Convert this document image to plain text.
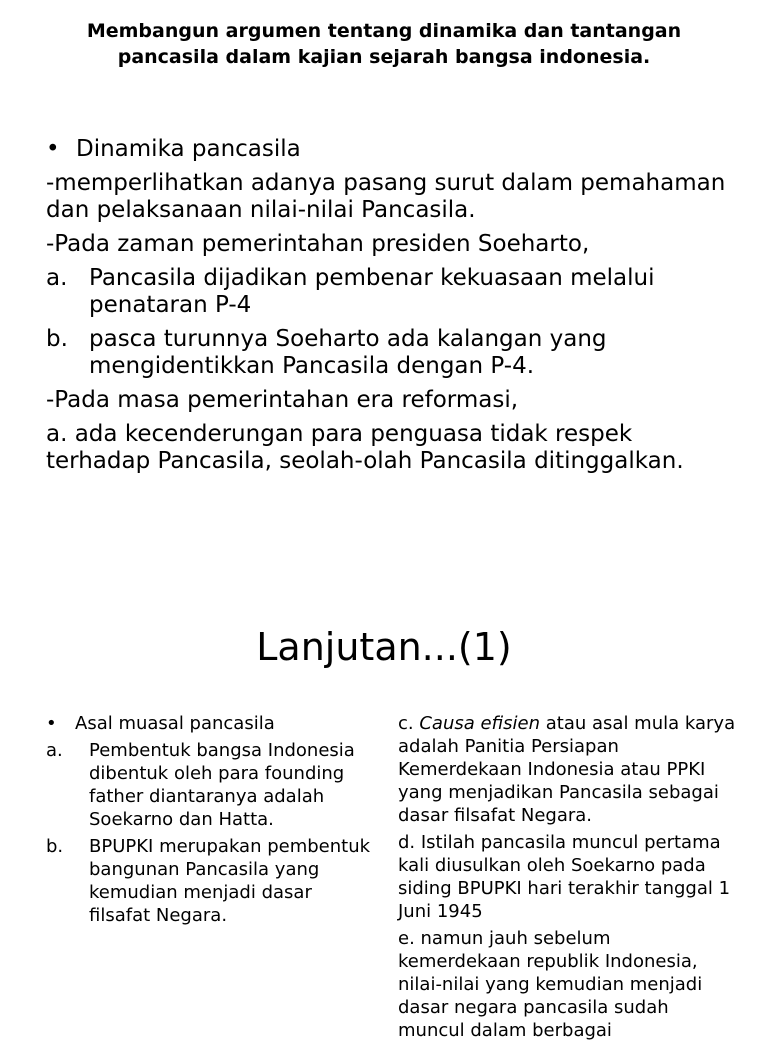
Membangun argumen tentang dinamika dan tantangan
pancasila dalam kajian sejarah bangsa indonesia.
• Dinamika pancasila
-memperlihatkan adanya pasang surut dalam pemahaman dan pelaksanaan nilai-nilai Pancasila.
-Pada zaman pemerintahan presiden Soeharto,
a. Pancasila dijadikan pembenar kekuasaan melalui penataran P-4
b. pasca turunnya Soeharto ada kalangan yang mengidentikkan Pancasila dengan P-4.
-Pada masa pemerintahan era reformasi,
a. ada kecenderungan para penguasa tidak respek terhadap Pancasila, seolah-olah Pancasila ditinggalkan.
Lanjutan...(1)
• Asal muasal pancasila
a. Pembentuk bangsa Indonesia dibentuk oleh para founding father diantaranya adalah Soekarno dan Hatta.
b. BPUPKI merupakan pembentuk bangunan Pancasila yang kemudian menjadi dasar filsafat Negara.
c. Causa efisien atau asal mula karya adalah Panitia Persiapan Kemerdekaan Indonesia atau PPKI yang menjadikan Pancasila sebagai dasar filsafat Negara.
d. Istilah pancasila muncul pertama kali diusulkan oleh Soekarno pada siding BPUPKI hari terakhir tanggal 1 Juni 1945
e. namun jauh sebelum kemerdekaan republik Indonesia, nilai-nilai yang kemudian menjadi dasar negara pancasila sudah muncul dalam berbagai
